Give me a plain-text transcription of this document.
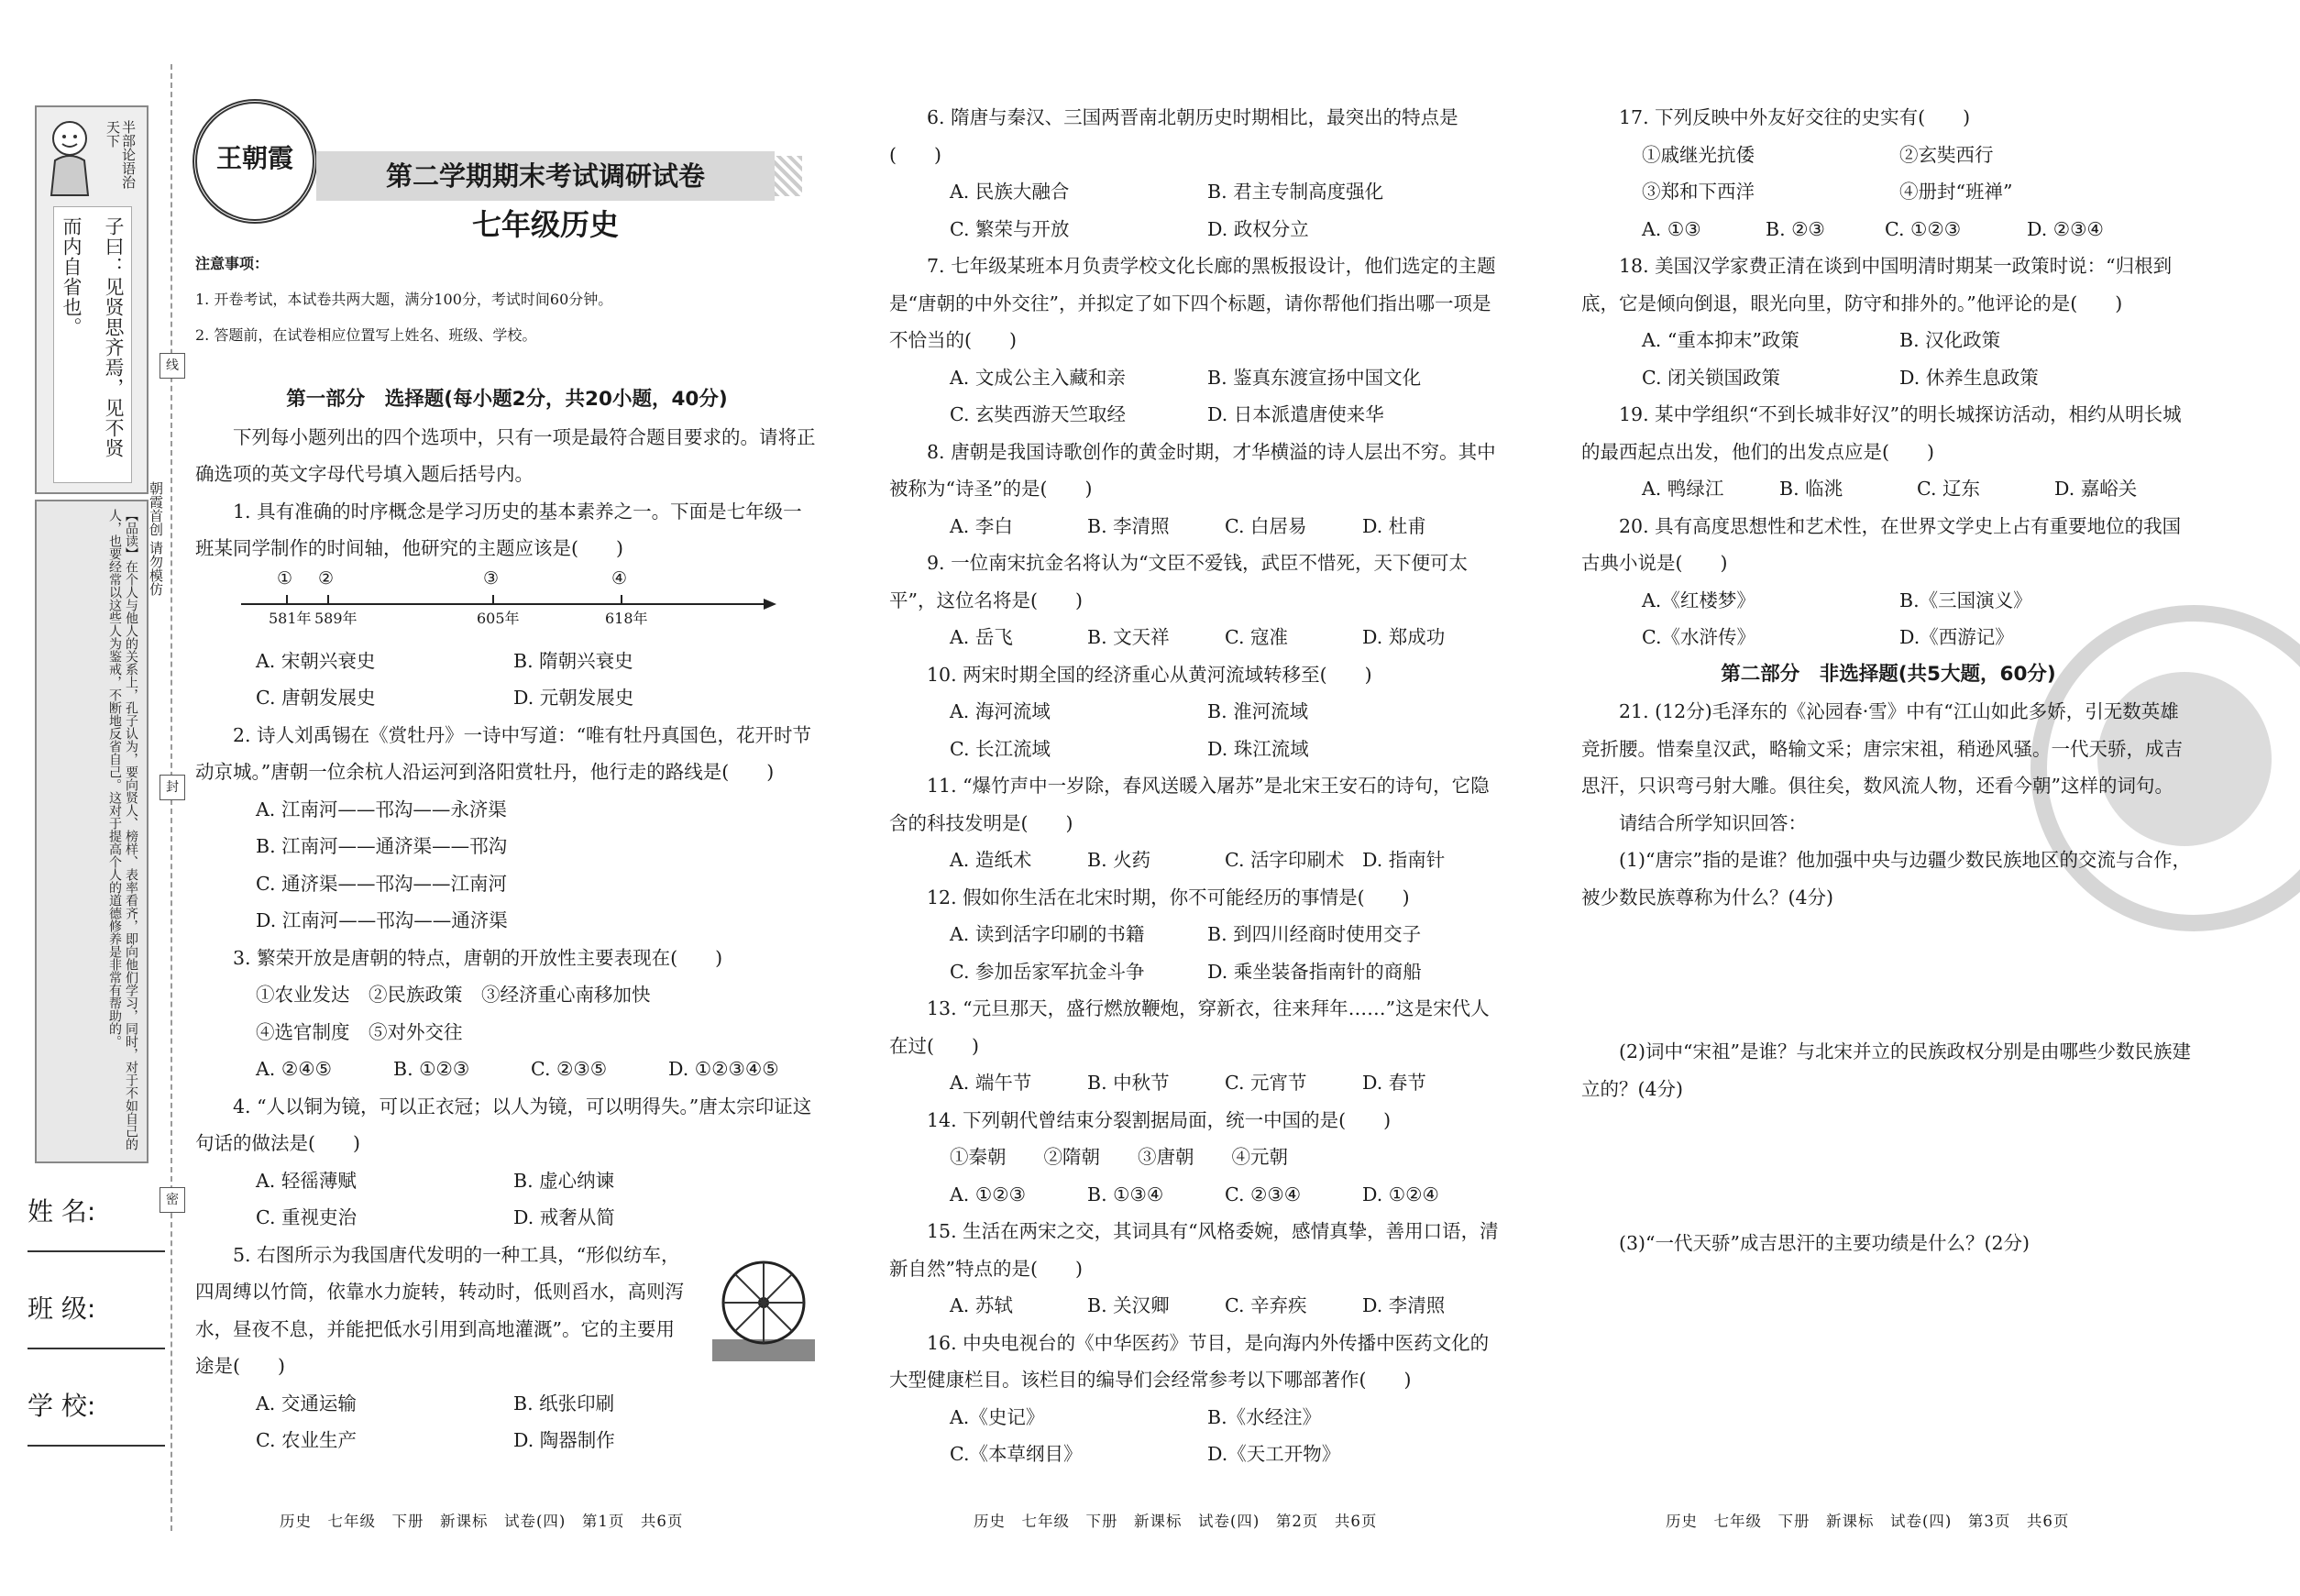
半部论语治天下
子曰：见贤思齐焉，见不贤
而内自省也。
【品读】在个人与他人的关系上，孔子认为，要向贤人、榜样、表率看齐，即向他们学习，同时，对于不如自己的人，也要经常以这些人为鉴戒，不断地反省自己。这对于提高个人的道德修养是非常有帮助的。
线
封
密
朝霞首创 请勿模仿
姓 名:
班 级:
学 校:
王朝霞
第二学期期末考试调研试卷
七年级历史
注意事项：
1. 开卷考试，本试卷共两大题，满分100分，考试时间60分钟。
2. 答题前，在试卷相应位置写上姓名、班级、学校。

第一部分　选择题(每小题2分，共20小题，40分)

下列每小题列出的四个选项中，只有一项是最符合题目要求的。请将正确选项的英文字母代号填入题后括号内。

1. 具有准确的时序概念是学习历史的基本素养之一。下面是七年级一班某同学制作的时间轴，他研究的主题应该是(　　)

① ②	③	④
581年 589年	605年	618年
A. 宋朝兴衰史	B. 隋朝兴衰史
C. 唐朝发展史	D. 元朝发展史

2. 诗人刘禹锡在《赏牡丹》一诗中写道：“唯有牡丹真国色，花开时节动京城。”唐朝一位余杭人沿运河到洛阳赏牡丹，他行走的路线是(　　)

A. 江南河——邗沟——永济渠

B. 江南河——通济渠——邗沟

C. 通济渠——邗沟——江南河

D. 江南河——邗沟——通济渠

3. 繁荣开放是唐朝的特点，唐朝的开放性主要表现在(　　)

①农业发达　②民族政策　③经济重心南移加快

④选官制度　⑤对外交往

A. ②④⑤	B. ①②③	C. ②③⑤	D. ①②③④⑤

4. “人以铜为镜，可以正衣冠；以人为镜，可以明得失。”唐太宗印证这句话的做法是(　　)

A. 轻徭薄赋	B. 虚心纳谏
C. 重视吏治	D. 戒奢从简

5. 右图所示为我国唐代发明的一种工具，“形似纺车，四周缚以竹筒，依靠水力旋转，转动时，低则舀水，高则泻水，昼夜不息，并能把低水引用到高地灌溉”。它的主要用途是(　　)

A. 交通运输	B. 纸张印刷
C. 农业生产	D. 陶器制作
历史　七年级　下册　新课标　试卷(四)　第1页　共6页

6. 隋唐与秦汉、三国两晋南北朝历史时期相比，最突出的特点是(　　)

A. 民族大融合	B. 君主专制高度强化
C. 繁荣与开放	D. 政权分立

7. 七年级某班本月负责学校文化长廊的黑板报设计，他们选定的主题是“唐朝的中外交往”，并拟定了如下四个标题，请你帮他们指出哪一项是不恰当的(　　)

A. 文成公主入藏和亲	B. 鉴真东渡宣扬中国文化
C. 玄奘西游天竺取经	D. 日本派遣唐使来华

8. 唐朝是我国诗歌创作的黄金时期，才华横溢的诗人层出不穷。其中被称为“诗圣”的是(　　)

A. 李白	B. 李清照	C. 白居易	D. 杜甫

9. 一位南宋抗金名将认为“文臣不爱钱，武臣不惜死，天下便可太平”，这位名将是(　　)

A. 岳飞	B. 文天祥	C. 寇准	D. 郑成功

10. 两宋时期全国的经济重心从黄河流域转移至(　　)

A. 海河流域	B. 淮河流域
C. 长江流域	D. 珠江流域

11. “爆竹声中一岁除，春风送暖入屠苏”是北宋王安石的诗句，它隐含的科技发明是(　　)

A. 造纸术	B. 火药	C. 活字印刷术 D. 指南针

12. 假如你生活在北宋时期，你不可能经历的事情是(　　)

A. 读到活字印刷的书籍	B. 到四川经商时使用交子
C. 参加岳家军抗金斗争	D. 乘坐装备指南针的商船

13. “元旦那天，盛行燃放鞭炮，穿新衣，往来拜年……”这是宋代人在过(　　)

A. 端午节	B. 中秋节	C. 元宵节	D. 春节

14. 下列朝代曾结束分裂割据局面，统一中国的是(　　)

①秦朝　　②隋朝　　③唐朝　　④元朝

A. ①②③	B. ①③④	C. ②③④	D. ①②④

15. 生活在两宋之交，其词具有“风格委婉，感情真挚，善用口语，清新自然”特点的是(　　)

A. 苏轼	B. 关汉卿	C. 辛弃疾	D. 李清照

16. 中央电视台的《中华医药》节目，是向海内外传播中医药文化的大型健康栏目。该栏目的编导们会经常参考以下哪部著作(　　)

A.《史记》	B.《水经注》
C.《本草纲目》	D.《天工开物》
历史　七年级　下册　新课标　试卷(四)　第2页　共6页

17. 下列反映中外友好交往的史实有(　　)

①戚继光抗倭	②玄奘西行
③郑和下西洋	④册封“班禅”
A. ①③	B. ②③	C. ①②③	D. ②③④

18. 美国汉学家费正清在谈到中国明清时期某一政策时说：“归根到底，它是倾向倒退，眼光向里，防守和排外的。”他评论的是(　　)

A. “重本抑末”政策	B. 汉化政策
C. 闭关锁国政策	D. 休养生息政策

19. 某中学组织“不到长城非好汉”的明长城探访活动，相约从明长城的最西起点出发，他们的出发点应是(　　)

A. 鸭绿江	B. 临洮	C. 辽东	D. 嘉峪关

20. 具有高度思想性和艺术性，在世界文学史上占有重要地位的我国古典小说是(　　)

A.《红楼梦》	B.《三国演义》
C.《水浒传》	D.《西游记》

第二部分　非选择题(共5大题，60分)

21. (12分)毛泽东的《沁园春·雪》中有“江山如此多娇，引无数英雄竞折腰。惜秦皇汉武，略输文采；唐宗宋祖，稍逊风骚。一代天骄，成吉思汗，只识弯弓射大雕。俱往矣，数风流人物，还看今朝”这样的词句。

请结合所学知识回答：

(1)“唐宗”指的是谁？他加强中央与边疆少数民族地区的交流与合作，被少数民族尊称为什么？(4分)

(2)词中“宋祖”是谁？与北宋并立的民族政权分别是由哪些少数民族建立的？(4分)

(3)“一代天骄”成吉思汗的主要功绩是什么？(2分)

历史　七年级　下册　新课标　试卷(四)　第3页　共6页
